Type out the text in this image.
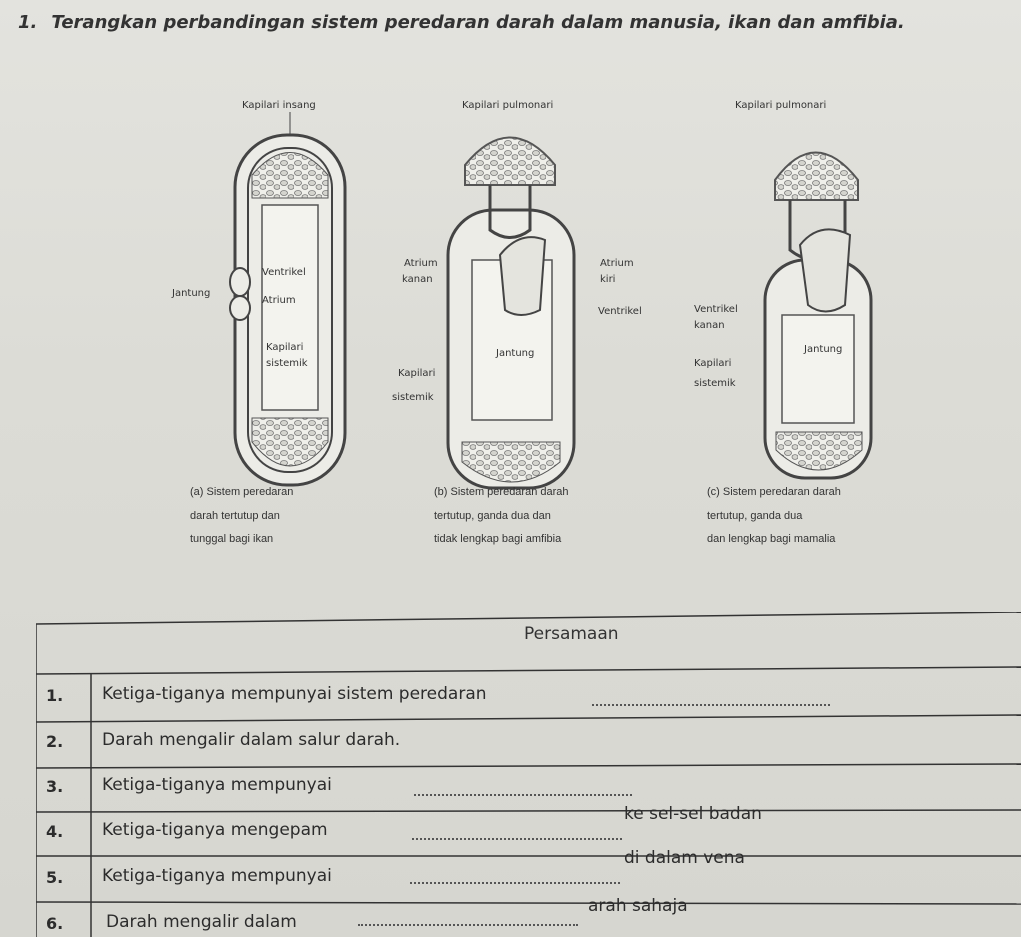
1. Terangkan perbandingan sistem peredaran darah dalam manusia, ikan dan amfibia.
Kapilari insang
Ventrikel
Atrium
Jantung
Kapilari
sistemik
(a) Sistem peredaran
darah tertutup dan
tunggal bagi ikan
Kapilari pulmonari
Atrium
kanan
Atrium
kiri
Ventrikel
Jantung
Kapilari
sistemik
(b) Sistem peredaran darah
tertutup, ganda dua dan
tidak lengkap bagi amfibia
Kapilari pulmonari
Ventrikel
kanan
Jantung
Kapilari
sistemik
(c) Sistem peredaran darah
tertutup, ganda dua
dan lengkap bagi mamalia
Persamaan
1. Ketiga-tiganya mempunyai sistem peredaran
2. Darah mengalir dalam salur darah.
3. Ketiga-tiganya mempunyai
4. Ketiga-tiganya mengepam
ke sel-sel badan
5. Ketiga-tiganya mempunyai
di dalam vena
6.	Darah mengalir dalam
arah sahaja
